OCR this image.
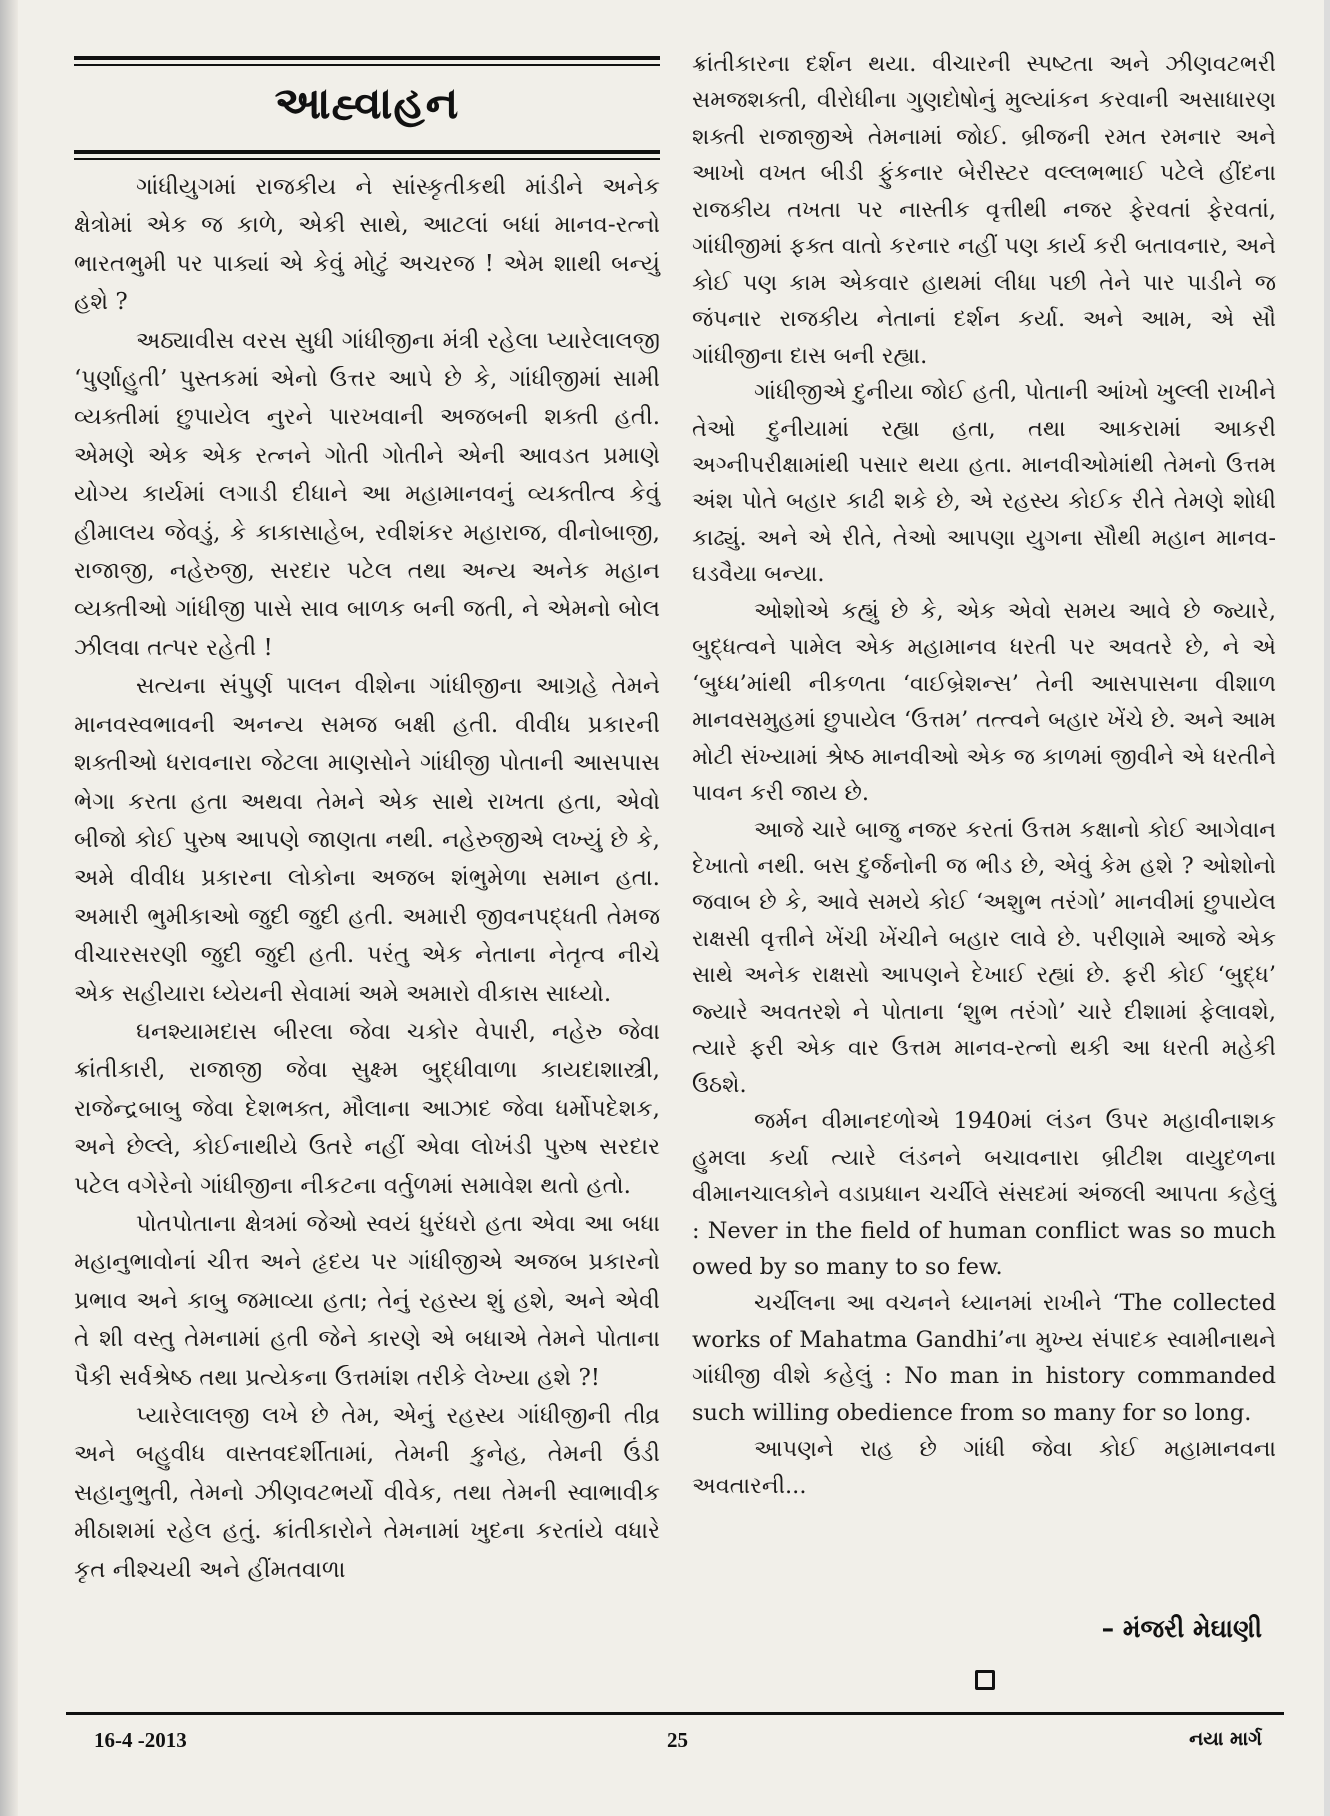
આહ્વાહન

ગાંધીયુગમાં રાજકીય ને સાંસ્કૃતીકથી માંડીને અનેક ક્ષેત્રોમાં એક જ કાળે, એકી સાથે, આટલાં બધાં માનવ-રત્નો ભારતભુમી પર પાક્યાં એ કેવું મોટું અચરજ ! એમ શાથી બન્યું હશે ?

અઠ્યાવીસ વરસ સુધી ગાંધીજીના મંત્રી રહેલા પ્યારેલાલજી ‘પુર્ણાહુતી’ પુસ્તકમાં એનો ઉત્તર આપે છે કે, ગાંધીજીમાં સામી વ્યક્તીમાં છુપાયેલ નુરને પારખવાની અજબની શક્તી હતી. એમણે એક એક રત્નને ગોતી ગોતીને એની આવડત પ્રમાણે યોગ્ય કાર્યમાં લગાડી દીધાને આ મહામાનવનું વ્યક્તીત્વ કેવું હીમાલય જેવડું, કે કાકાસાહેબ, રવીશંકર મહારાજ, વીનોબાજી, રાજાજી, નહેરુજી, સરદાર પટેલ તથા અન્ય અનેક મહાન વ્યક્તીઓ ગાંધીજી પાસે સાવ બાળક બની જતી, ને એમનો બોલ ઝીલવા તત્પર રહેતી !

સત્યના સંપુર્ણ પાલન વીશેના ગાંધીજીના આગ્રહે તેમને માનવસ્વભાવની અનન્ય સમજ બક્ષી હતી. વીવીધ પ્રકારની શક્તીઓ ધરાવનારા જેટલા માણસોને ગાંધીજી પોતાની આસપાસ ભેગા કરતા હતા અથવા તેમને એક સાથે રાખતા હતા, એવો બીજો કોઈ પુરુષ આપણે જાણતા નથી. નહેરુજીએ લખ્યું છે કે, અમે વીવીધ પ્રકારના લોકોના અજબ શંભુમેળા સમાન હતા. અમારી ભુમીકાઓ જુદી જુદી હતી. અમારી જીવનપદ્ધતી તેમજ વીચારસરણી જુદી જુદી હતી. પરંતુ એક નેતાના નેતૃત્વ નીચે એક સહીયારા ધ્યેયની સેવામાં અમે અમારો વીકાસ સાધ્યો.

ઘનશ્યામદાસ બીરલા જેવા ચકોર વેપારી, નહેરુ જેવા ક્રાંતીકારી, રાજાજી જેવા સુક્ષ્મ બુદ્ધીવાળા કાયદાશાસ્ત્રી, રાજેન્દ્રબાબુ જેવા દેશભક્ત, મૌલાના આઝાદ જેવા ધર્મોપદેશક, અને છેલ્લે, કોઈનાથીયે ઉતરે નહીં એવા લોખંડી પુરુષ સરદાર પટેલ વગેરેનો ગાંધીજીના નીકટના વર્તુળમાં સમાવેશ થતો હતો.

પોતપોતાના ક્ષેત્રમાં જેઓ સ્વયં ધુરંધરો હતા એવા આ બધા મહાનુભાવોનાં ચીત્ત અને હૃદય પર ગાંધીજીએ અજબ પ્રકારનો પ્રભાવ અને કાબુ જમાવ્યા હતા; તેનું રહસ્ય શું હશે, અને એવી તે શી વસ્તુ તેમનામાં હતી જેને કારણે એ બધાએ તેમને પોતાના પૈકી સર્વશ્રેષ્ઠ તથા પ્રત્યેકના ઉત્તમાંશ તરીકે લેખ્યા હશે ?!

પ્યારેલાલજી લખે છે તેમ, એનું રહસ્ય ગાંધીજીની તીવ્ર અને બહુવીધ વાસ્તવદર્શીતામાં, તેમની કુનેહ, તેમની ઉંડી સહાનુભુતી, તેમનો ઝીણવટભર્યો વીવેક, તથા તેમની સ્વાભાવીક મીઠાશમાં રહેલ હતું. ક્રાંતીકારોને તેમનામાં ખુદના કરતાંયે વધારે કૃત નીશ્ચયી અને હીંમતવાળા

ક્રાંતીકારના દર્શન થયા. વીચારની સ્પષ્ટતા અને ઝીણવટભરી સમજશક્તી, વીરોધીના ગુણદોષોનું મુલ્યાંકન કરવાની અસાધારણ શક્તી રાજાજીએ તેમનામાં જોઈ. બ્રીજની રમત રમનાર અને આખો વખત બીડી ફુંકનાર બેરીસ્ટર વલ્લભભાઈ પટેલે હીંદના રાજકીય તખતા પર નાસ્તીક વૃત્તીથી નજર ફેરવતાં ફેરવતાં, ગાંધીજીમાં ફક્ત વાતો કરનાર નહીં પણ કાર્ય કરી બતાવનાર, અને કોઈ પણ કામ એકવાર હાથમાં લીધા પછી તેને પાર પાડીને જ જંપનાર રાજકીય નેતાનાં દર્શન કર્યા. અને આમ, એ સૌ ગાંધીજીના દાસ બની રહ્યા.

ગાંધીજીએ દુનીયા જોઈ હતી, પોતાની આંખો ખુલ્લી રાખીને તેઓ દુનીયામાં રહ્યા હતા, તથા આકરામાં આકરી અગ્નીપરીક્ષામાંથી પસાર થયા હતા. માનવીઓમાંથી તેમનો ઉત્તમ અંશ પોતે બહાર કાઢી શકે છે, એ રહસ્ય કોઈક રીતે તેમણે શોધી કાઢ્યું. અને એ રીતે, તેઓ આપણા યુગના સૌથી મહાન માનવ-ઘડવૈયા બન્યા.

ઓશોએ કહ્યું છે કે, એક એવો સમય આવે છે જ્યારે, બુદ્ધત્વને પામેલ એક મહામાનવ ધરતી પર અવતરે છે, ને એ ‘બુધ્ધ’માંથી નીકળતા ‘વાઈબ્રેશન્સ’ તેની આસપાસના વીશાળ માનવસમુહમાં છુપાયેલ ‘ઉત્તમ’ તત્ત્વને બહાર ખેંચે છે. અને આમ મોટી સંખ્યામાં શ્રેષ્ઠ માનવીઓ એક જ કાળમાં જીવીને એ ધરતીને પાવન કરી જાય છે.

આજે ચારે બાજુ નજર કરતાં ઉત્તમ કક્ષાનો કોઈ આગેવાન દેખાતો નથી. બસ દુર્જનોની જ ભીડ છે, એવું કેમ હશે ? ઓશોનો જવાબ છે કે, આવે સમયે કોઈ ‘અશુભ તરંગો’ માનવીમાં છુપાયેલ રાક્ષસી વૃત્તીને ખેંચી ખેંચીને બહાર લાવે છે. પરીણામે આજે એક સાથે અનેક રાક્ષસો આપણને દેખાઈ રહ્યાં છે. ફરી કોઈ ‘બુદ્ધ’ જ્યારે અવતરશે ને પોતાના ‘શુભ તરંગો’ ચારે દીશામાં ફેલાવશે, ત્યારે ફરી એક વાર ઉત્તમ માનવ-રત્નો થકી આ ધરતી મહેકી ઉઠશે.

જર્મન વીમાનદળોએ 1940માં લંડન ઉપર મહાવીનાશક હુમલા કર્યા ત્યારે લંડનને બચાવનારા બ્રીટીશ વાયુદળના વીમાનચાલકોને વડાપ્રધાન ચર્ચીલે સંસદમાં અંજલી આપતા કહેલું : Never in the field of human conflict was so much owed by so many to so few.

ચર્ચીલના આ વચનને ધ્યાનમાં રાખીને ‘The collected works of Mahatma Gandhi’ના મુખ્ય સંપાદક સ્વામીનાથને ગાંધીજી વીશે કહેલું : No man in history commanded such willing obedience from so many for so long.

આપણને રાહ છે ગાંધી જેવા કોઈ મહામાનવના અવતારની...

– મંજરી મેઘાણી
16-4 -2013	25	નયા માર્ગ
